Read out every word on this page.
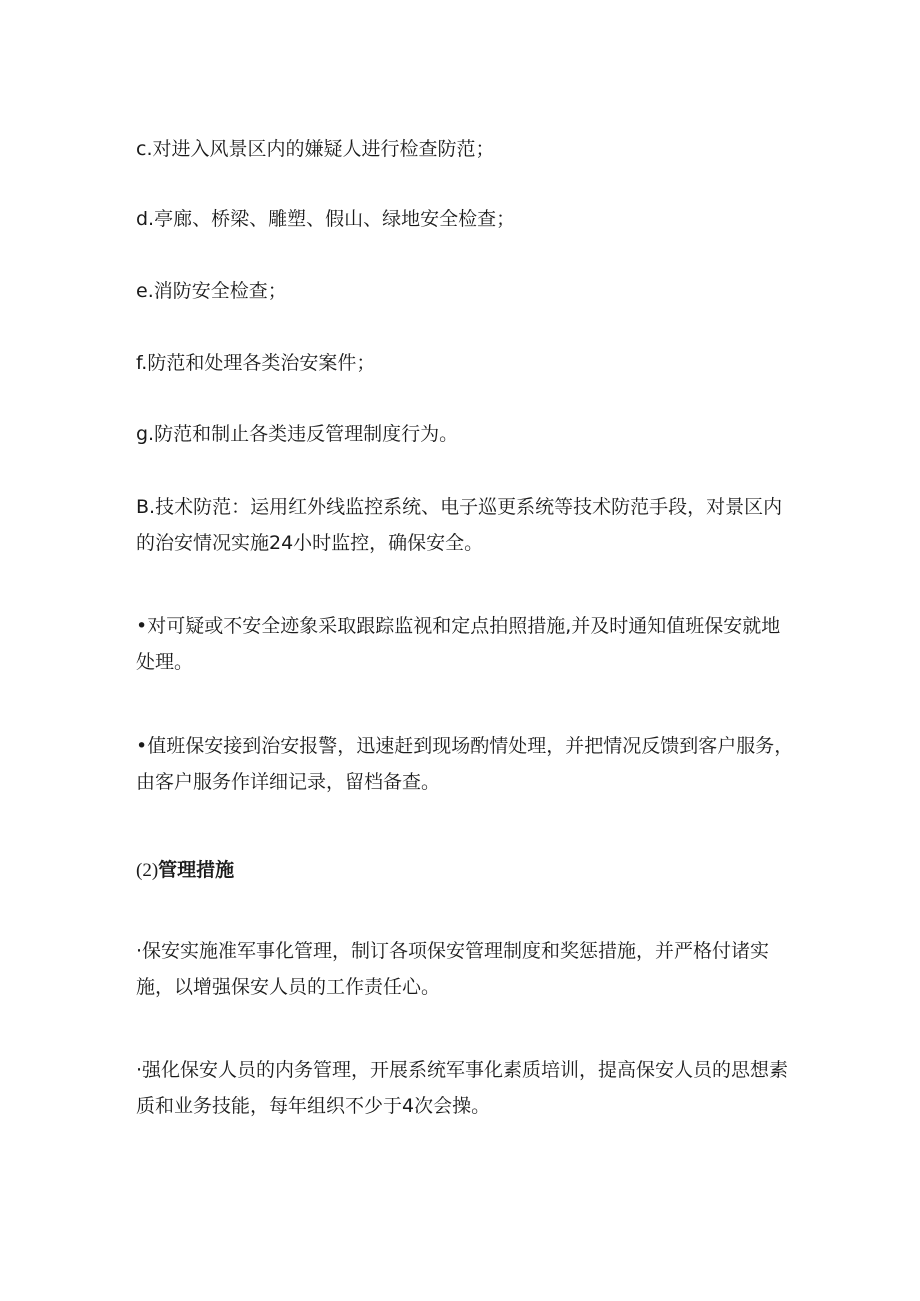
c.对进入风景区内的嫌疑人进行检查防范；

d.亭廊、桥梁、雕塑、假山、绿地安全检查；

e.消防安全检查；

f.防范和处理各类治安案件；

g.防范和制止各类违反管理制度行为。

B.技术防范：运用红外线监控系统、电子巡更系统等技术防范手段，对景区内的治安情况实施24小时监控，确保安全。

•对可疑或不安全迹象采取跟踪监视和定点拍照措施,并及时通知值班保安就地处理。

•值班保安接到治安报警，迅速赶到现场酌情处理，并把情况反馈到客户服务，由客户服务作详细记录，留档备查。

(2)管理措施

·保安实施准军事化管理，制订各项保安管理制度和奖惩措施，并严格付诸实施，以增强保安人员的工作责任心。

·强化保安人员的内务管理，开展系统军事化素质培训，提高保安人员的思想素质和业务技能，每年组织不少于4次会操。
